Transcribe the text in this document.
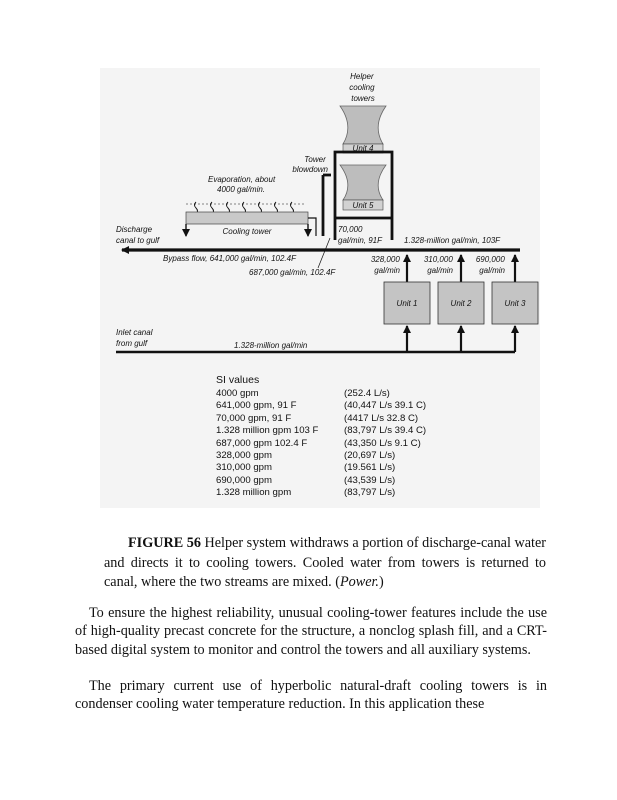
Helper cooling towers
Unit 4
Unit 5
Tower blowdown
Evaporation, about 4000 gal/min.
Cooling tower
Discharge canal to gulf
70,000 gal/min, 91F	1.328-million gal/min, 103F
Bypass flow, 641,000 gal/min, 102.4F
687,000 gal/min, 102.4F
328,000 gal/min
310,000 gal/min
690,000 gal/min
Unit 1	Unit 2	Unit 3
Inlet canal from gulf	1.328-million gal/min
SI values
4000 gpm	(252.4 L/s)
641,000 gpm, 91 F	(40,447 L/s 39.1 C)
70,000 gpm, 91 F	(4417 L/s 32.8 C)
1.328 million gpm 103 F	(83,797 L/s 39.4 C)
687,000 gpm 102.4 F	(43,350 L/s 9.1 C)
328,000 gpm	(20,697 L/s)
310,000 gpm	(19.561 L/s)
690,000 gpm	(43,539 L/s)
1.328 million gpm	(83,797 L/s)
FIGURE 56 Helper system withdraws a portion of discharge-canal water and directs it to cooling towers. Cooled water from towers is returned to canal, where the two streams are mixed. (Power.)
To ensure the highest reliability, unusual cooling-tower features include the use of high-quality precast concrete for the structure, a nonclog splash fill, and a CRT-based digital system to monitor and control the towers and all auxiliary systems.
The primary current use of hyperbolic natural-draft cooling towers is in condenser cooling water temperature reduction. In this application these
